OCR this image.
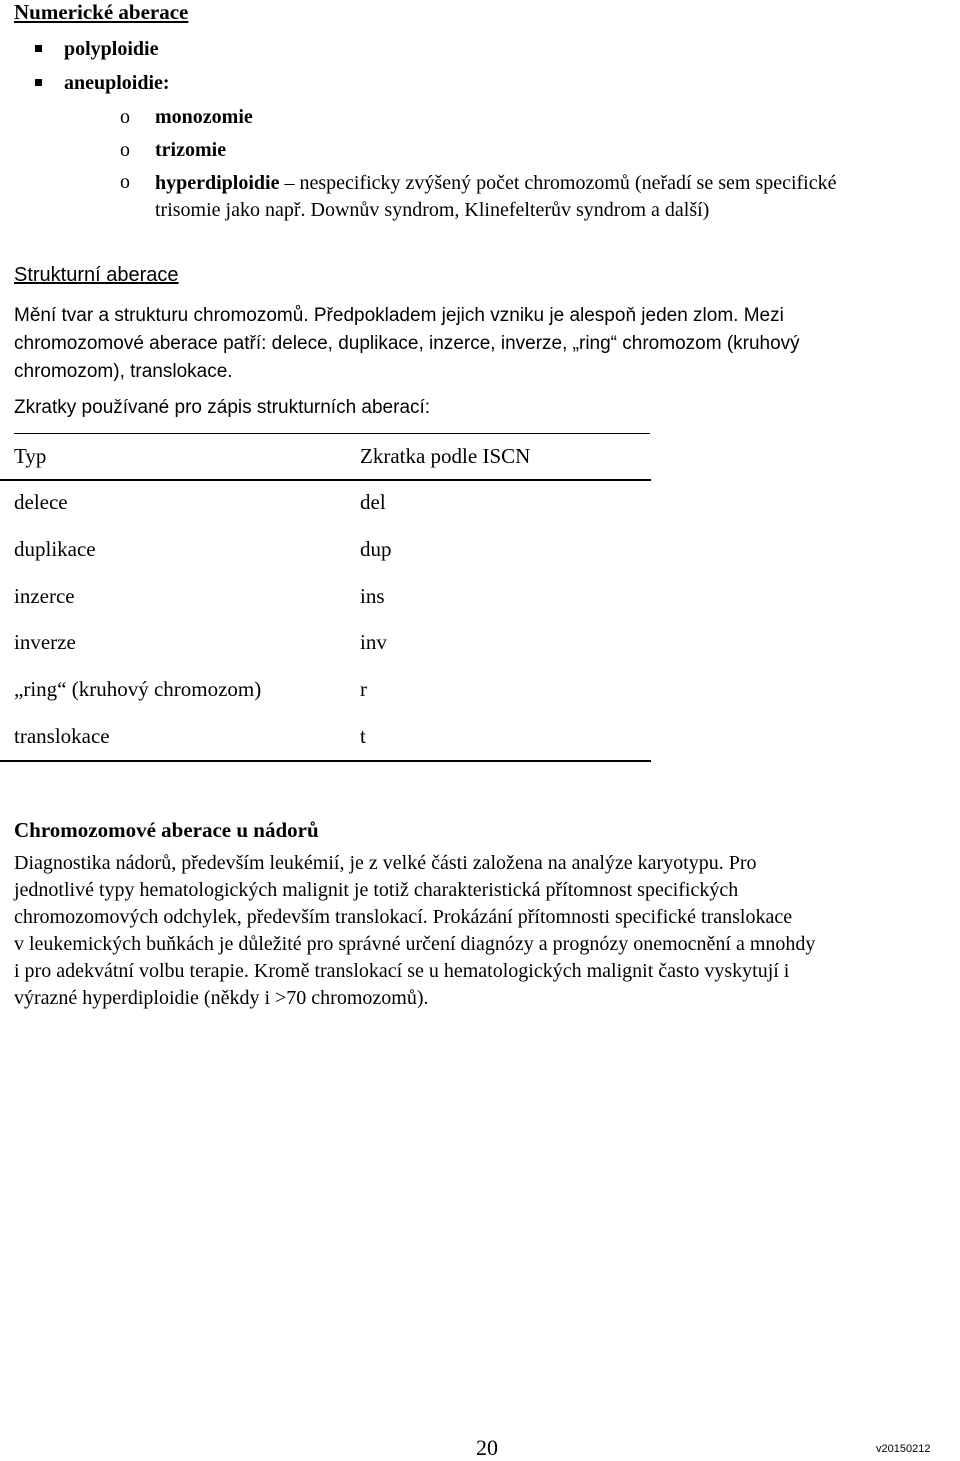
Numerické aberace
polyploidie
aneuploidie:
o monozomie
o trizomie
o hyperdiploidie – nespecificky zvýšený počet chromozomů (neřadí se sem specifické
trisomie jako např. Downův syndrom, Klinefelterův syndrom a další)
Strukturní aberace
Mění tvar a strukturu chromozomů. Předpokladem jejich vzniku je alespoň jeden zlom. Mezi
chromozomové aberace patří: delece, duplikace, inzerce, inverze, „ring“ chromozom (kruhový
chromozom), translokace.
Zkratky používané pro zápis strukturních aberací:
Typ	Zkratka podle ISCN
delece	del
duplikace	dup
inzerce	ins
inverze	inv
„ring“ (kruhový chromozom)	r
translokace	t
Chromozomové aberace u nádorů
Diagnostika nádorů, především leukémií, je z velké části založena na analýze karyotypu. Pro
jednotlivé typy hematologických malignit je totiž charakteristická přítomnost specifických
chromozomových odchylek, především translokací. Prokázání přítomnosti specifické translokace
v leukemických buňkách je důležité pro správné určení diagnózy a prognózy onemocnění a mnohdy
i pro adekvátní volbu terapie. Kromě translokací se u hematologických malignit často vyskytují i
výrazné hyperdiploidie (někdy i >70 chromozomů).
20	v20150212
